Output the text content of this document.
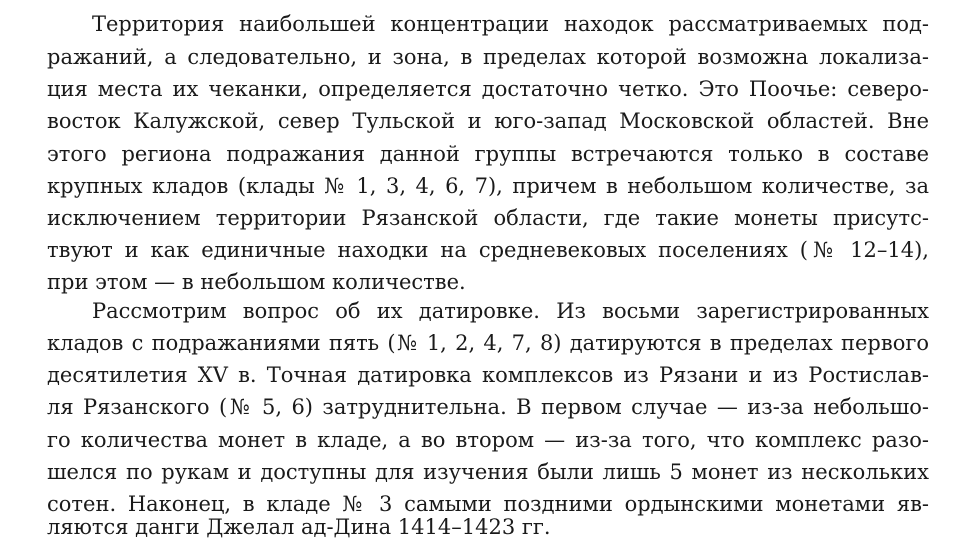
Территория наибольшей концентрации находок рассматриваемых под-
ражаний, а следовательно, и зона, в пределах которой возможна локализа-
ция места их чеканки, определяется достаточно четко. Это Поочье: северо-
восток Калужской, север Тульской и юго-запад Московской областей. Вне
этого региона подражания данной группы встречаются только в составе
крупных кладов (клады № 1, 3, 4, 6, 7), причем в небольшом количестве, за
исключением территории Рязанской области, где такие монеты присутс-
твуют и как единичные находки на средневековых поселениях (№ 12–14),
при этом — в небольшом количестве.
Рассмотрим вопрос об их датировке. Из восьми зарегистрированных
кладов с подражаниями пять (№ 1, 2, 4, 7, 8) датируются в пределах первого
десятилетия XV в. Точная датировка комплексов из Рязани и из Ростислав-
ля Рязанского (№ 5, 6) затруднительна. В первом случае — из-за небольшо-
го количества монет в кладе, а во втором — из-за того, что комплекс разо-
шелся по рукам и доступны для изучения были лишь 5 монет из нескольких
сотен. Наконец, в кладе № 3 самыми поздними ордынскими монетами яв-
ляются данги Джелал ад-Дина 1414–1423 гг.
